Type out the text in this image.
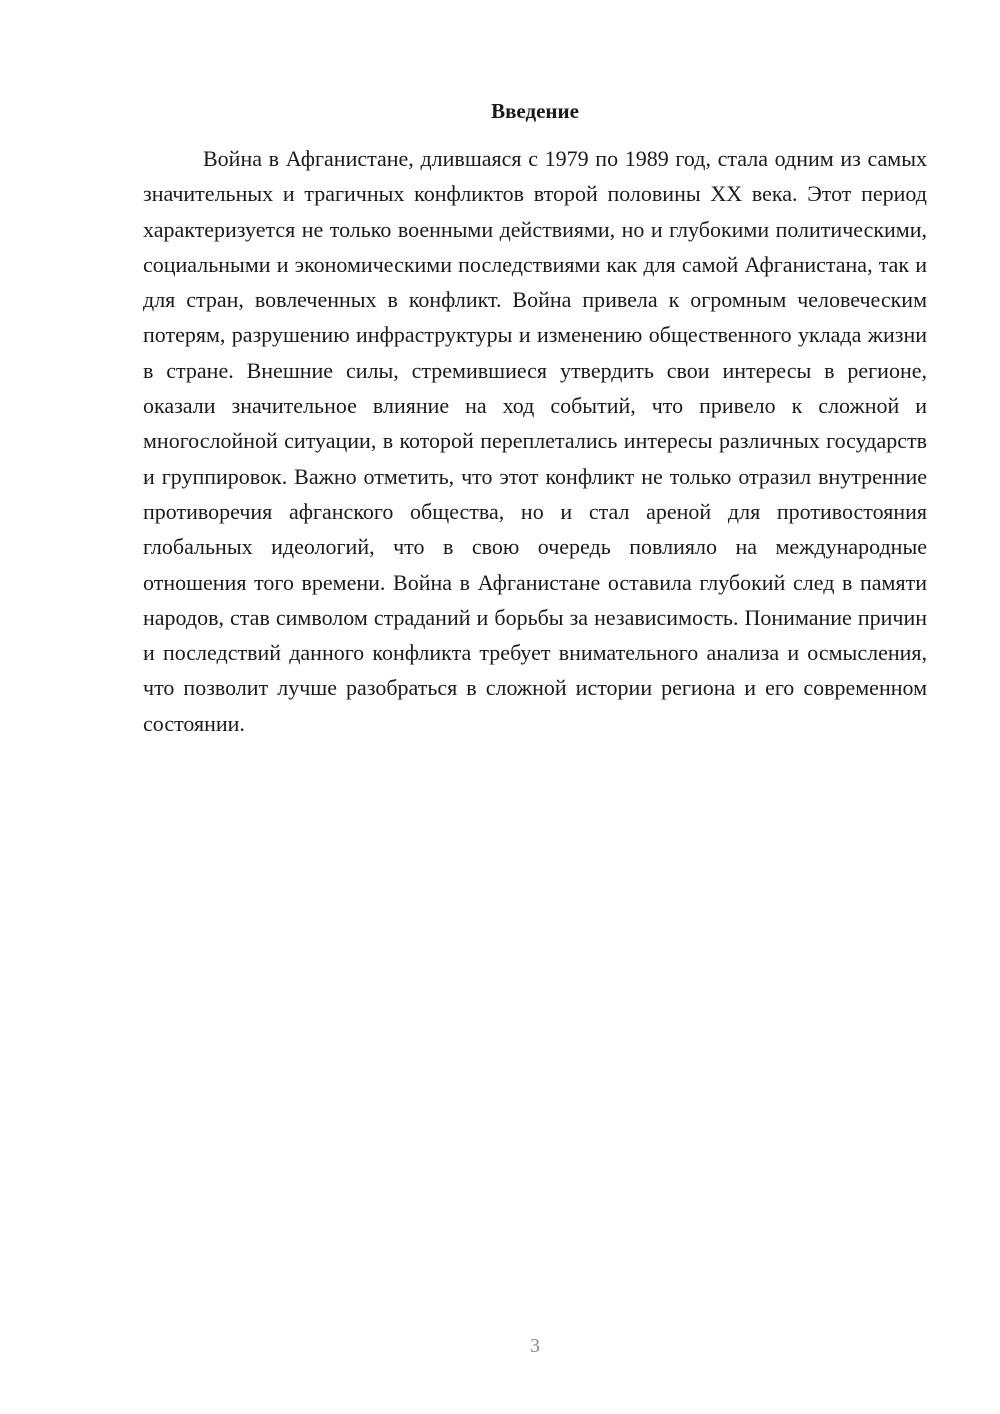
Введение

Война в Афганистане, длившаяся с 1979 по 1989 год, стала одним из самых значительных и трагичных конфликтов второй половины XX века. Этот период характеризуется не только военными действиями, но и глубокими политическими, социальными и экономическими последствиями как для самой Афганистана, так и для стран, вовлеченных в конфликт. Война привела к огромным человеческим потерям, разрушению инфраструктуры и изменению общественного уклада жизни в стране. Внешние силы, стремившиеся утвердить свои интересы в регионе, оказали значительное влияние на ход событий, что привело к сложной и многослойной ситуации, в которой переплетались интересы различных государств и группировок. Важно отметить, что этот конфликт не только отразил внутренние противоречия афганского общества, но и стал ареной для противостояния глобальных идеологий, что в свою очередь повлияло на международные отношения того времени. Война в Афганистане оставила глубокий след в памяти народов, став символом страданий и борьбы за независимость. Понимание причин и последствий данного конфликта требует внимательного анализа и осмысления, что позволит лучше разобраться в сложной истории региона и его современном состоянии.

3
